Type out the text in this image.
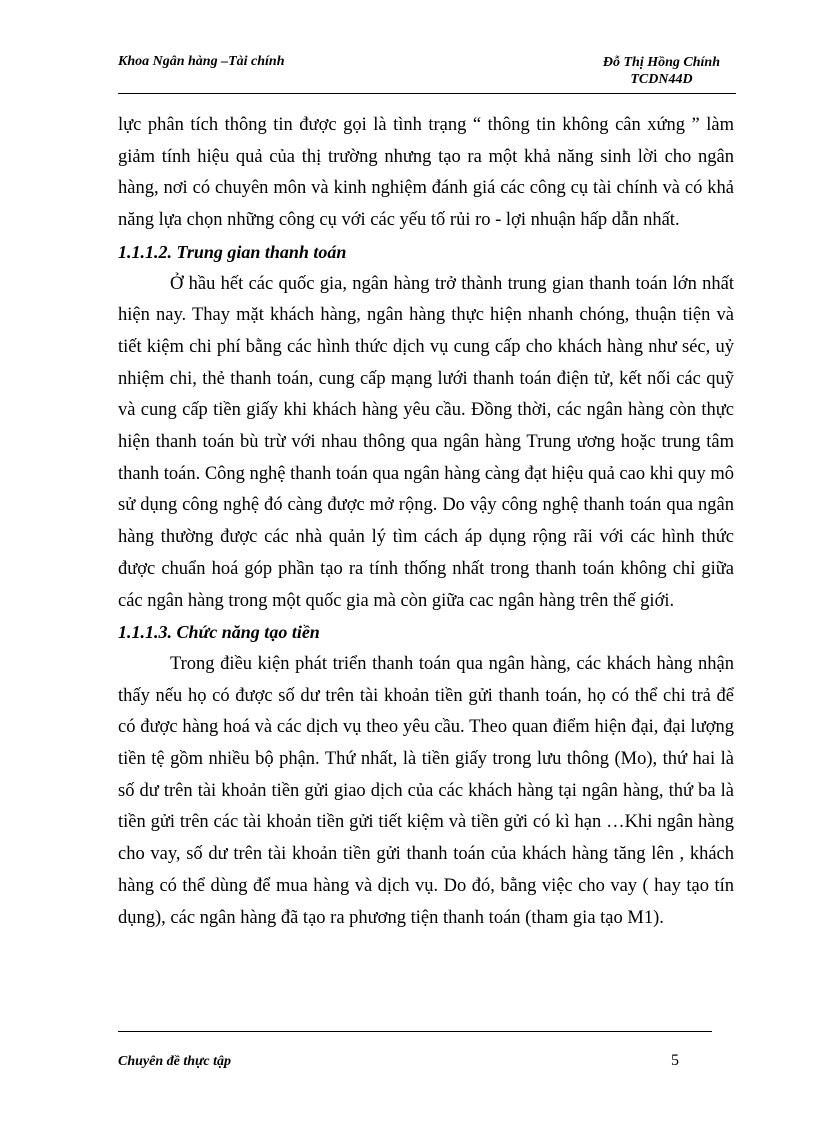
Khoa Ngân hàng –Tài chính	Đỗ Thị Hồng Chính
TCDN44D

lực phân tích thông tin được gọi là tình trạng “ thông tin không cân xứng ” làm giảm tính hiệu quả của thị trường nhưng tạo ra một khả năng sinh lời cho ngân hàng, nơi có chuyên môn và kinh nghiệm đánh giá các công cụ tài chính và có khả năng lựa chọn những công cụ với các yếu tố rủi ro - lợi nhuận hấp dẫn nhất.

1.1.1.2. Trung gian thanh toán

Ở hầu hết các quốc gia, ngân hàng trở thành trung gian thanh toán lớn nhất hiện nay. Thay mặt khách hàng, ngân hàng thực hiện nhanh chóng, thuận tiện và tiết kiệm chi phí bằng các hình thức dịch vụ cung cấp cho khách hàng như séc, uỷ nhiệm chi, thẻ thanh toán, cung cấp mạng lưới thanh toán điện tử, kết nối các quỹ và cung cấp tiền giấy khi khách hàng yêu cầu. Đồng thời, các ngân hàng còn thực hiện thanh toán bù trừ với nhau thông qua ngân hàng Trung ương hoặc trung tâm thanh toán. Công nghệ thanh toán qua ngân hàng càng đạt hiệu quả cao khi quy mô sử dụng công nghệ đó càng được mở rộng. Do vậy công nghệ thanh toán qua ngân hàng thường được các nhà quản lý tìm cách áp dụng rộng rãi với các hình thức được chuẩn hoá góp phần tạo ra tính thống nhất trong thanh toán không chỉ giữa các ngân hàng trong một quốc gia mà còn giữa cac ngân hàng trên thế giới.

1.1.1.3. Chức năng tạo tiền

Trong điều kiện phát triển thanh toán qua ngân hàng, các khách hàng nhận thấy nếu họ có được số dư trên tài khoản tiền gửi thanh toán, họ có thể chi trả để có được hàng hoá và các dịch vụ theo yêu cầu. Theo quan điểm hiện đại, đại lượng tiền tệ gồm nhiều bộ phận. Thứ nhất, là tiền giấy trong lưu thông (Mo), thứ hai là số dư trên tài khoản tiền gửi giao dịch của các khách hàng tại ngân hàng, thứ ba là tiền gửi trên các tài khoản tiền gửi tiết kiệm và tiền gửi có kì hạn …Khi ngân hàng cho vay, số dư trên tài khoản tiền gửi thanh toán của khách hàng tăng lên , khách hàng có thể dùng để mua hàng và dịch vụ. Do đó, bằng việc cho vay ( hay tạo tín dụng), các ngân hàng đã tạo ra phương tiện thanh toán (tham gia tạo M1).

Chuyên đề thực tập	5
